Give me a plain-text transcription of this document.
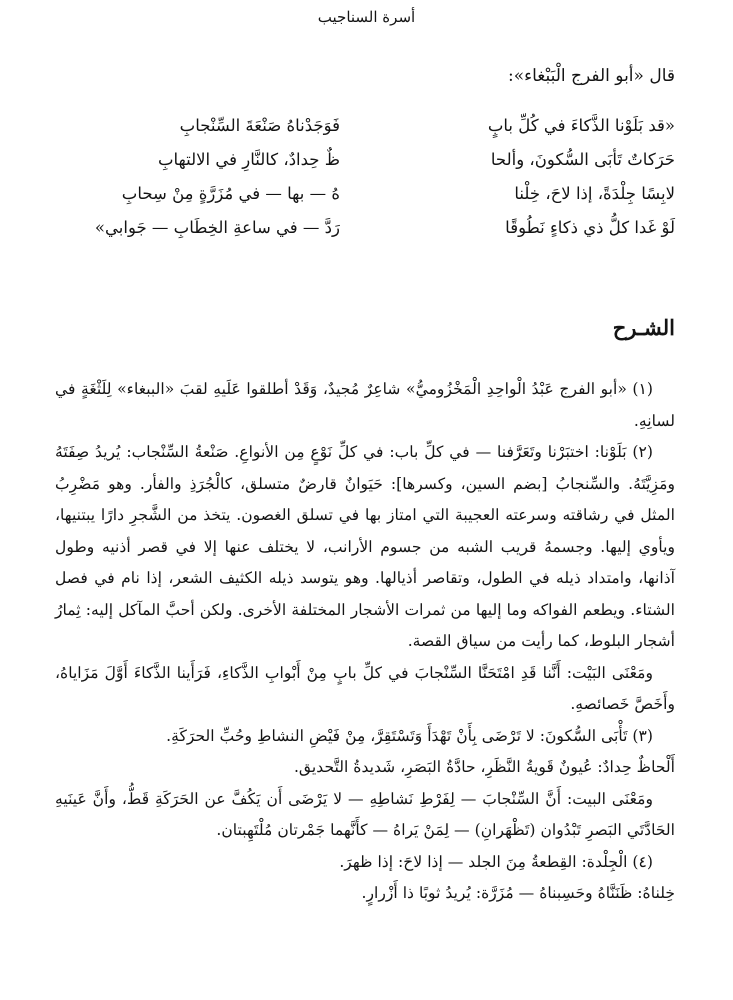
أسرة السناجيب
قال «أبو الفرج الْبَبْغاء»:
«قد بَلَوْنا الذَّكاءَ في كُلِّ بابٍ
فَوَجَدْناهُ صَنْعَةَ السِّنْجابِ
حَرَكاتٌ تَأبَى السُّكونَ، وألحا
ظٌ حِدادٌ، كالنَّارِ في الالتهابِ
لابِسًا جِلْدَةً، إذا لاحَ، خِلْنا
هُ — بها — في مُزَرَّةٍ مِنْ سِحابِ
لَوْ غَدا كلُّ ذي ذكاءٍ نَطُوقًا
رَدَّ — في ساعةِ الخِطَابِ — جَوابي»
الشـرح

(١) «أبو الفرج عَبْدُ الْواحِدِ الْمَخْزُوميُّ» شاعِرٌ مُجيدٌ، وَقَدْ أطلقوا عَلَيهِ لقبَ «الببغاء» لِلَثْغَةٍ في لسانِهِ.

(٢) بَلَوْنا: اختبَرْنا وتَعَرَّفنا — في كلِّ باب: في كلِّ نَوْعٍ مِن الأنواعِ. صَنْعةُ السِّنْجاب: يُريدُ صِفَتَهُ ومَزِيَّتَهُ. والسِّنجابُ [بضم السين، وكسرها]: حَيَوانٌ قارضٌ متسلق، كالْجُرَذِ والفأر. وهو مَضْرِبُ المثل في رشاقته وسرعته العجيبة التي امتاز بها في تسلق الغصون. يتخذ من الشَّجرِ دارًا يبتنيها، ويأوي إليها. وجسمهُ قريب الشبه من جسوم الأرانب، لا يختلف عنها إلا في قصر أذنيه وطول آذانها، وامتداد ذيله في الطول، وتقاصر أذيالها. وهو يتوسد ذيله الكثيف الشعر، إذا نام في فصل الشتاء. ويطعم الفواكه وما إليها من ثمرات الأشجار المختلفة الأخرى. ولكن أحبَّ المآكل إليه: ثِمارُ أشجار البلوط، كما رأيت من سياق القصة.

ومَعْنَى البَيْت: أَنَّنا قَدِ امْتَحَنَّا السِّنْجابَ في كلِّ بابٍ مِنْ أَبْوابِ الذَّكاءِ، فَرَأَينا الذَّكاءَ أَوَّلَ مَزَاياهُ، وأَخَصَّ خَصائصهِ.

(٣) تَأْبَى السُّكونَ: لا تَرْضَى بِأَنْ تَهْدَأَ وَتَسْتَقِرَّ، مِنْ فَيْضِ النشاطِ وحُبِّ الحرَكَةِ.

أَلْحاظٌ حِدادٌ: عُيونٌ قَويةُ النَّظَرِ، حادَّةُ البَصَرِ، شَديدةُ التَّحديق.

ومَعْنَى البيت: أَنَّ السِّنْجابَ — لِفَرْطِ نَشاطِهِ — لا يَرْضَى أَن يَكُفَّ عن الحَرَكَةِ قَطُّ، وأَنَّ عَينَيهِ الحَادَّتَي البَصرِ تَبْدُوان (تَظْهَرانِ) — لِمَنْ يَراهُ — كأَنَّهما جَمْرتان مُلْتَهِبتان.

(٤) الْجِلْدة: القِطعةُ مِنَ الجلد — إذا لاحَ: إذا ظهرَ.

خِلناهُ: ظَنَنَّاهُ وحَسِبناهُ — مُزَرَّة: يُريدُ ثوبًا ذا أَزْرارٍ.
